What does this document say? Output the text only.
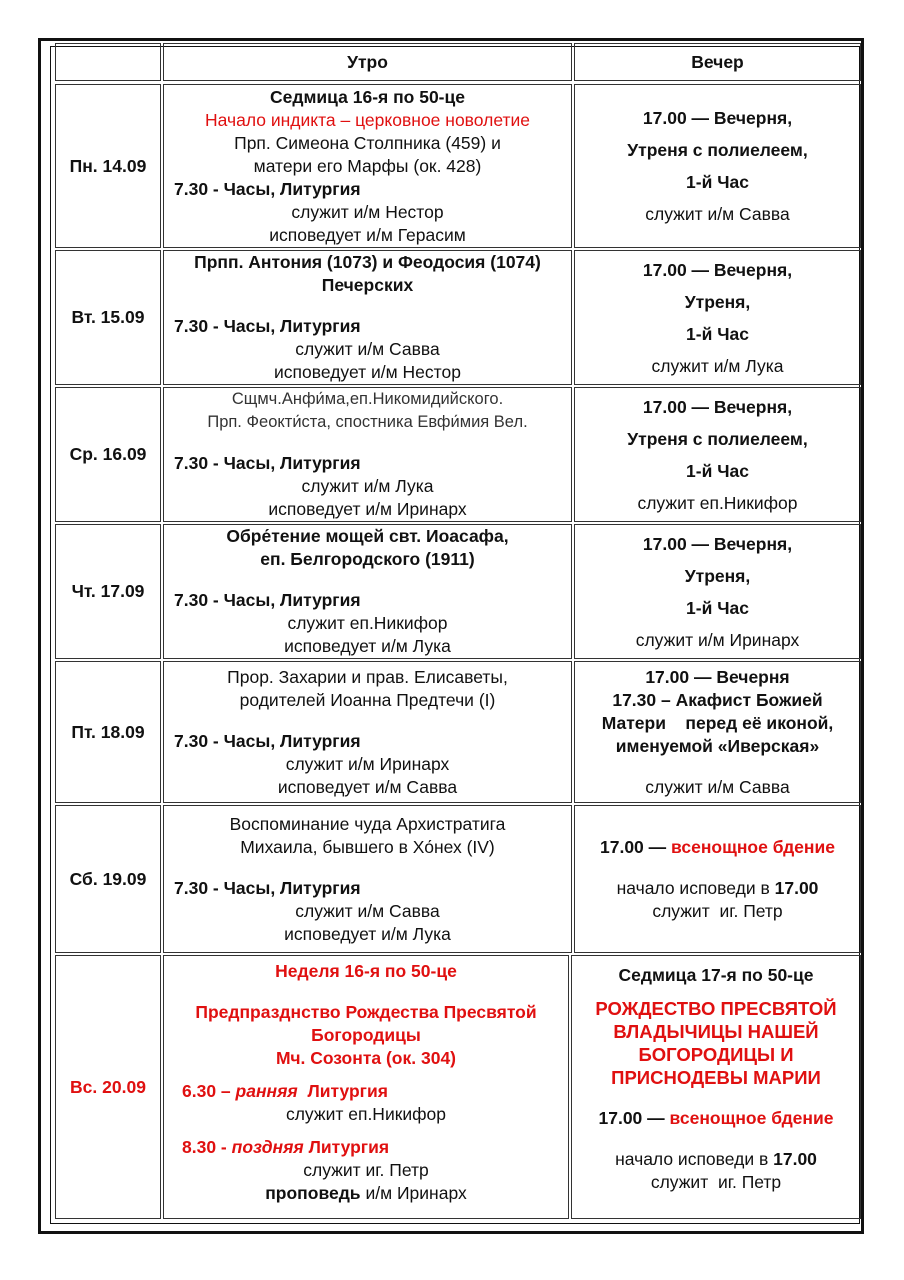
Утро	Вечер
Пн. 14.09
Седмица 16-я по 50-це
Начало индикта – церковное новолетие
Прп. Симеона Столпника (459) и
матери его Марфы (ок. 428)
7.30 - Часы, Литургия
служит и/м Нестор
исповедует и/м Герасим
17.00 — Вечерня,
Утреня с полиелеем,
1-й Час
служит и/м Савва
Вт. 15.09
Прпп. Антония (1073) и Феодосия (1074)
Печерских
7.30 - Часы, Литургия
служит и/м Савва
исповедует и/м Нестор
17.00 — Вечерня,
Утреня,
1-й Час
служит и/м Лука
Ср. 16.09
Сщмч.Анфи́ма,еп.Никомидийского.
Прп. Феокти́ста, спостника Евфи́мия Вел.
7.30 - Часы, Литургия
служит и/м Лука
исповедует и/м Иринарх
17.00 — Вечерня,
Утреня с полиелеем,
1-й Час
служит еп.Никифор
Чт. 17.09
Обре́тение мощей свт. Иоасафа,
еп. Белгородского (1911)
7.30 - Часы, Литургия
служит еп.Никифор
исповедует и/м Лука
17.00 — Вечерня,
Утреня,
1-й Час
служит и/м Иринарх
Пт. 18.09
Прор. Захарии и прав. Елисаветы,
родителей Иоанна Предтечи (I)
7.30 - Часы, Литургия
служит и/м Иринарх
исповедует и/м Савва
17.00 — Вечерня
17.30 – Акафист Божией
Матери    перед её иконой,
именуемой «Иверская»
служит и/м Савва
Сб. 19.09
Воспоминание чуда Архистратига
Михаила, бывшего в Хо́нех (IV)
7.30 - Часы, Литургия
служит и/м Савва
исповедует и/м Лука
17.00 — всенощное бдение
начало исповеди в 17.00
служит  иг. Петр
Вс. 20.09
Неделя 16-я по 50-це
Предпразднство Рождества Пресвятой
Богородицы
Мч. Созонта (ок. 304)
6.30 – ранняя  Литургия
служит еп.Никифор
8.30 - поздняя Литургия
служит иг. Петр
проповедь и/м Иринарх
Седмица 17-я по 50-це
РОЖДЕСТВО ПРЕСВЯТОЙ
ВЛАДЫЧИЦЫ НАШЕЙ
БОГОРОДИЦЫ И
ПРИСНОДЕВЫ МАРИИ
17.00 — всенощное бдение
начало исповеди в 17.00
служит  иг. Петр
